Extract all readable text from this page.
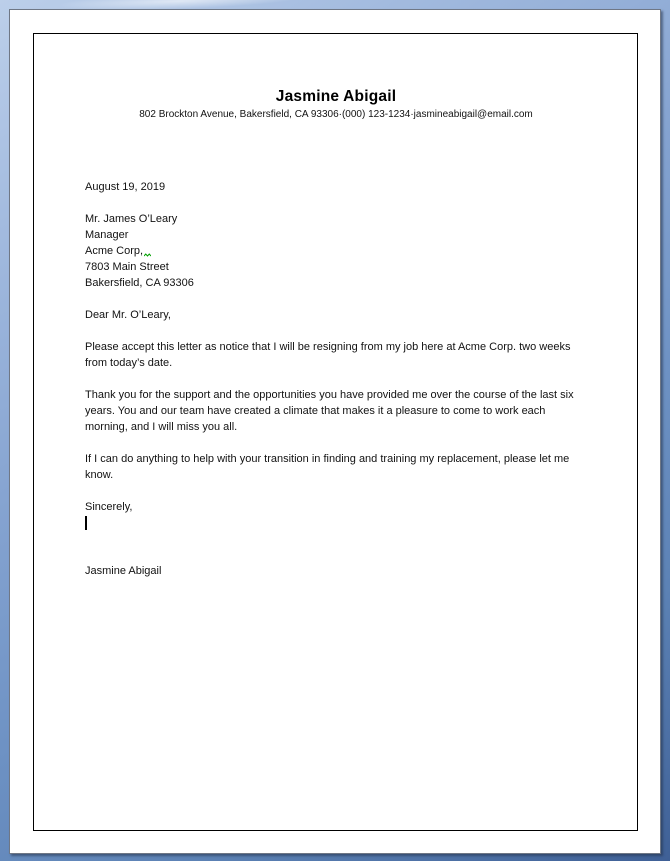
Jasmine Abigail
802 Brockton Avenue, Bakersfield, CA 93306·(000) 123-1234·jasmineabigail@email.com
August 19, 2019
Mr. James O’Leary
Manager
Acme Corp,
7803 Main Street
Bakersfield, CA 93306
Dear Mr. O’Leary,

Please accept this letter as notice that I will be resigning from my job here at Acme Corp. two weeks from today’s date.

Thank you for the support and the opportunities you have provided me over the course of the last six years. You and our team have created a climate that makes it a pleasure to come to work each morning, and I will miss you all.

If I can do anything to help with your transition in finding and training my replacement, please let me know.

Sincerely,
Jasmine Abigail
